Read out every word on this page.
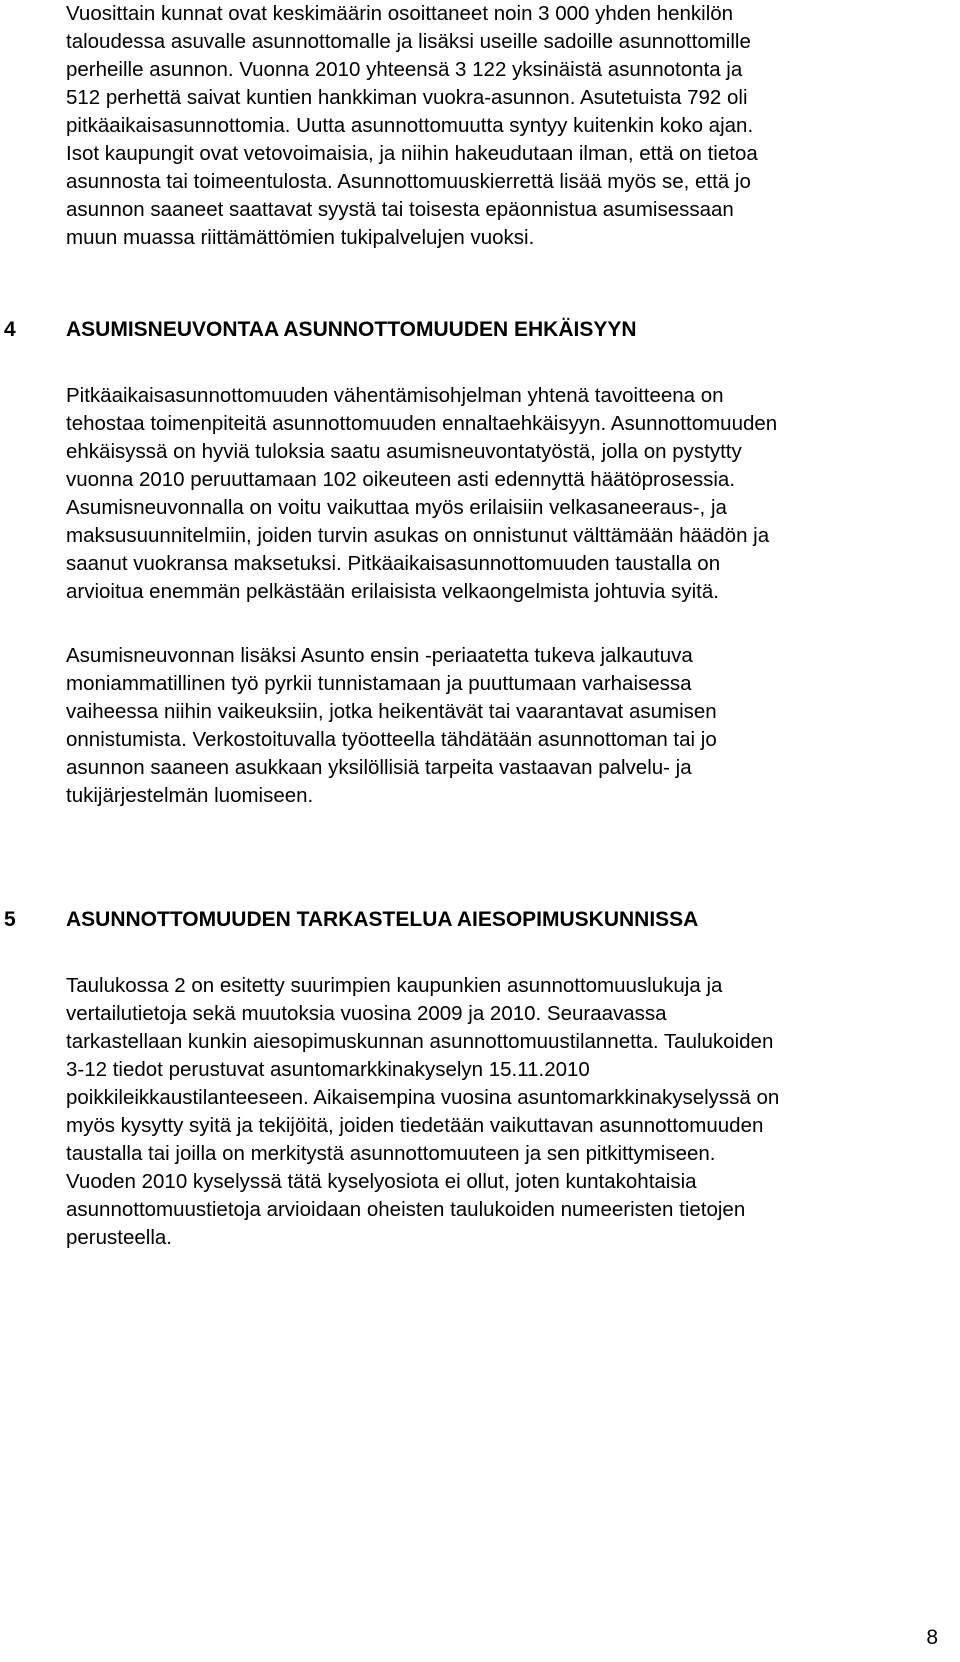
Vuosittain kunnat ovat keskimäärin osoittaneet noin 3 000 yhden henkilön
taloudessa asuvalle asunnottomalle ja lisäksi useille sadoille asunnottomille
perheille asunnon. Vuonna 2010 yhteensä 3 122 yksinäistä asunnotonta ja
512 perhettä saivat kuntien hankkiman vuokra-asunnon. Asutetuista 792 oli
pitkäaikaisasunnottomia. Uutta asunnottomuutta syntyy kuitenkin koko ajan.
Isot kaupungit ovat vetovoimaisia, ja niihin hakeudutaan ilman, että on tietoa
asunnosta tai toimeentulosta. Asunnottomuuskierrettä lisää myös se, että jo
asunnon saaneet saattavat syystä tai toisesta epäonnistua asumisessaan
muun muassa riittämättömien tukipalvelujen vuoksi.

4 ASUMISNEUVONTAA ASUNNOTTOMUUDEN EHKÄISYYN

Pitkäaikaisasunnottomuuden vähentämisohjelman yhtenä tavoitteena on
tehostaa toimenpiteitä asunnottomuuden ennaltaehkäisyyn. Asunnottomuuden
ehkäisyssä on hyviä tuloksia saatu asumisneuvontatyöstä, jolla on pystytty
vuonna 2010 peruuttamaan 102 oikeuteen asti edennyttä häätöprosessia.
Asumisneuvonnalla on voitu vaikuttaa myös erilaisiin velkasaneeraus-, ja
maksusuunnitelmiin, joiden turvin asukas on onnistunut välttämään häädön ja
saanut vuokransa maksetuksi. Pitkäaikaisasunnottomuuden taustalla on
arvioitua enemmän pelkästään erilaisista velkaongelmista johtuvia syitä.

Asumisneuvonnan lisäksi Asunto ensin -periaatetta tukeva jalkautuva
moniammatillinen työ pyrkii tunnistamaan ja puuttumaan varhaisessa
vaiheessa niihin vaikeuksiin, jotka heikentävät tai vaarantavat asumisen
onnistumista. Verkostoituvalla työotteella tähdätään asunnottoman tai jo
asunnon saaneen asukkaan yksilöllisiä tarpeita vastaavan palvelu- ja
tukijärjestelmän luomiseen.

5 ASUNNOTTOMUUDEN TARKASTELUA AIESOPIMUSKUNNISSA

Taulukossa 2 on esitetty suurimpien kaupunkien asunnottomuuslukuja ja
vertailutietoja sekä muutoksia vuosina 2009 ja 2010. Seuraavassa
tarkastellaan kunkin aiesopimuskunnan asunnottomuustilannetta. Taulukoiden
3-12 tiedot perustuvat asuntomarkkinakyselyn 15.11.2010
poikkileikkaustilanteeseen. Aikaisempina vuosina asuntomarkkinakyselyssä on
myös kysytty syitä ja tekijöitä, joiden tiedetään vaikuttavan asunnottomuuden
taustalla tai joilla on merkitystä asunnottomuuteen ja sen pitkittymiseen.
Vuoden 2010 kyselyssä tätä kyselyosiota ei ollut, joten kuntakohtaisia
asunnottomuustietoja arvioidaan oheisten taulukoiden numeeristen tietojen
perusteella.

8
